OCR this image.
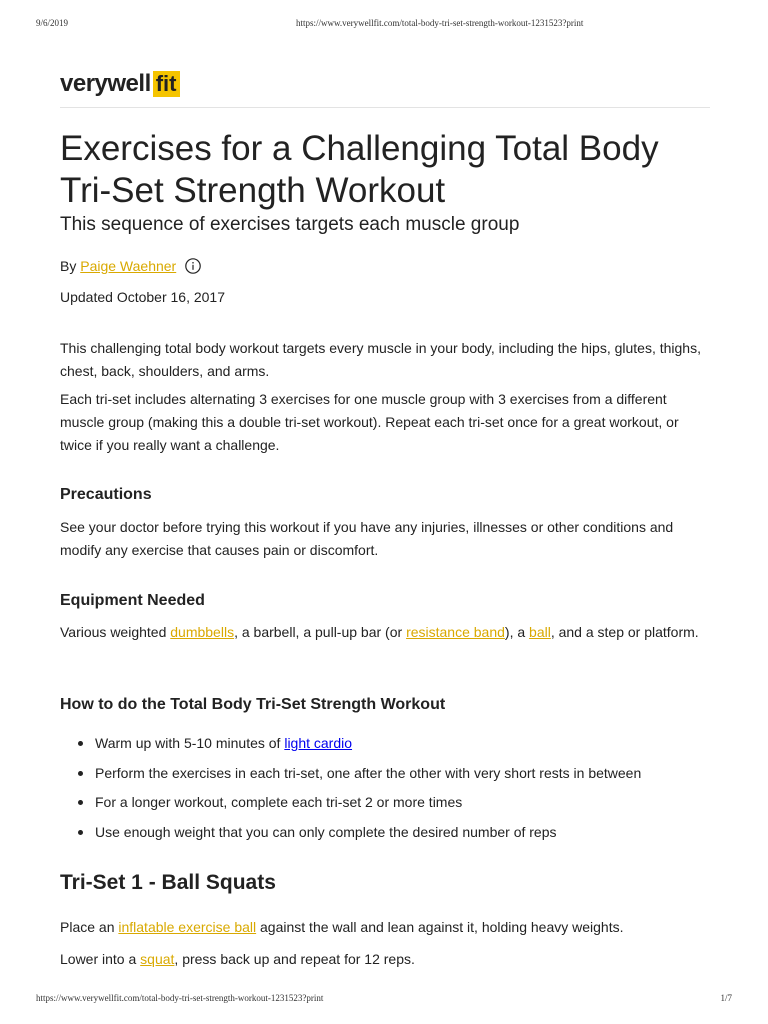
9/6/2019	https://www.verywellfit.com/total-body-tri-set-strength-workout-1231523?print
verywell fit
Exercises for a Challenging Total Body
Tri-Set Strength Workout
This sequence of exercises targets each muscle group
By
Paige Waehner
Updated October 16, 2017

This challenging total body workout targets every muscle in your body, including the hips, glutes, thighs, chest, back, shoulders, and arms.

Each tri-set includes alternating 3 exercises for one muscle group with 3 exercises from a different muscle group (making this a double tri-set workout). Repeat each tri-set once for a great workout, or twice if you really want a challenge.

Precautions

See your doctor before trying this workout if you have any injuries, illnesses or other conditions and modify any exercise that causes pain or discomfort.

Equipment Needed

Various weighted dumbbells, a barbell, a pull-up bar (or resistance band), a ball, and a step or platform.

How to do the Total Body Tri-Set Strength Workout
Warm up with 5-10 minutes of light cardio
Perform the exercises in each tri-set, one after the other with very short rests in between
For a longer workout, complete each tri-set 2 or more times
Use enough weight that you can only complete the desired number of reps
Tri-Set 1 - Ball Squats

Place an inflatable exercise ball against the wall and lean against it, holding heavy weights.

Lower into a squat, press back up and repeat for 12 reps.

https://www.verywellfit.com/total-body-tri-set-strength-workout-1231523?print	1/7
